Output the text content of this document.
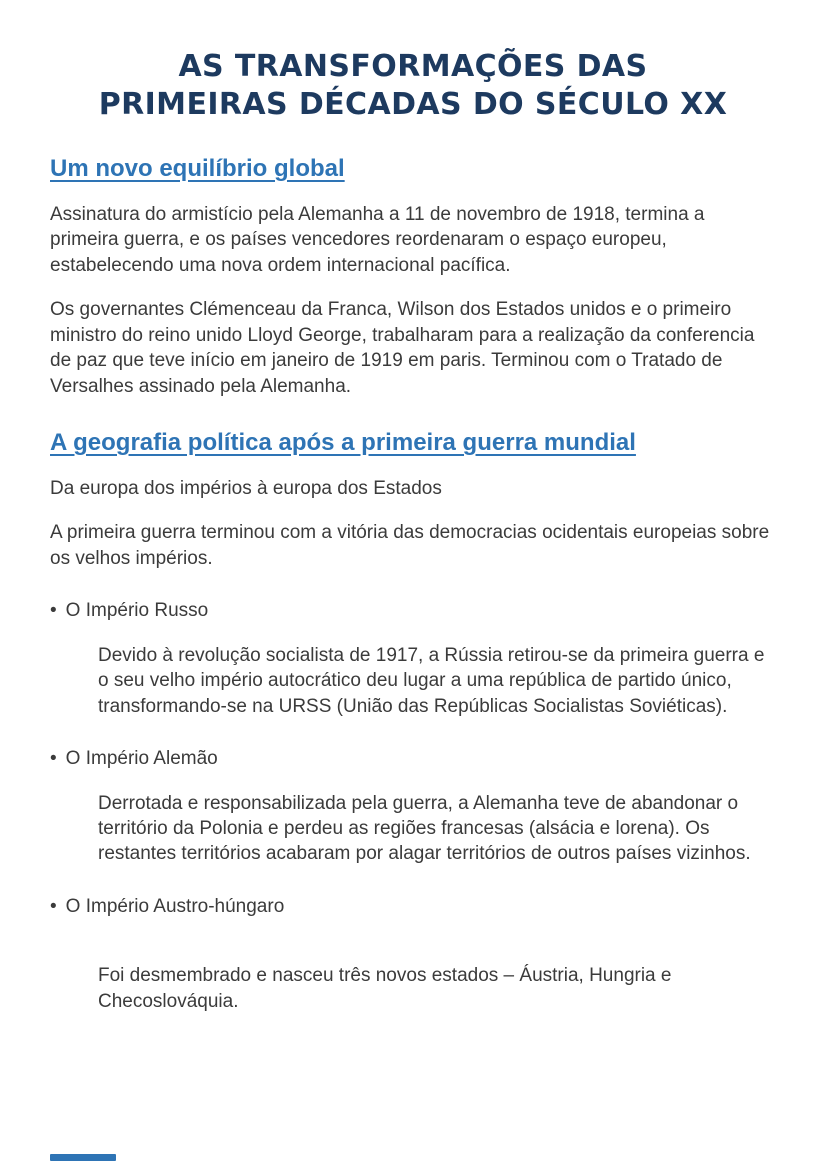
AS TRANSFORMAÇÕES DAS PRIMEIRAS DÉCADAS DO SÉCULO XX
Um novo equilíbrio global

Assinatura do armistício pela Alemanha a 11 de novembro de 1918, termina a primeira guerra, e os países vencedores reordenaram o espaço europeu, estabelecendo uma nova ordem internacional pacífica.

Os governantes Clémenceau da Franca, Wilson dos Estados unidos e o primeiro ministro do reino unido Lloyd George, trabalharam para a realização da conferencia de paz que teve início em janeiro de 1919 em paris. Terminou com o Tratado de Versalhes assinado pela Alemanha.

A geografia política após a primeira guerra mundial

Da europa dos impérios à europa dos Estados

A primeira guerra terminou com a vitória das democracias ocidentais europeias sobre os velhos impérios.

• O Império Russo

Devido à revolução socialista de 1917, a Rússia retirou-se da primeira guerra e o seu velho império autocrático deu lugar a uma república de partido único, transformando-se na URSS (União das Repúblicas Socialistas Soviéticas).

• O Império Alemão

Derrotada e responsabilizada pela guerra, a Alemanha teve de abandonar o território da Polonia e perdeu as regiões francesas (alsácia e lorena). Os restantes territórios acabaram por alagar territórios de outros países vizinhos.

• O Império Austro-húngaro

Foi desmembrado e nasceu três novos estados – Áustria, Hungria e Checoslováquia.
